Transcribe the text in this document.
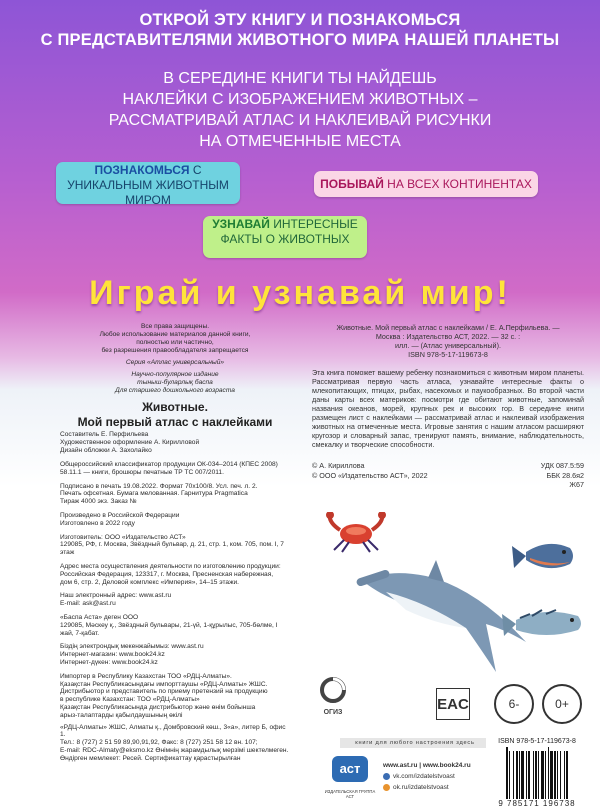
ОТКРОЙ ЭТУ КНИГУ И ПОЗНАКОМЬСЯ
С ПРЕДСТАВИТЕЛЯМИ ЖИВОТНОГО МИРА НАШЕЙ ПЛАНЕТЫ
В СЕРЕДИНЕ КНИГИ ТЫ НАЙДЕШЬ
НАКЛЕЙКИ С ИЗОБРАЖЕНИЕМ ЖИВОТНЫХ –
РАССМАТРИВАЙ АТЛАС И НАКЛЕИВАЙ РИСУНКИ
НА ОТМЕЧЕННЫЕ МЕСТА
ПОЗНАКОМЬСЯ С УНИКАЛЬНЫМ ЖИВОТНЫМ МИРОМ
ПОБЫВАЙ НА ВСЕХ КОНТИНЕНТАХ
УЗНАВАЙ ИНТЕРЕСНЫЕ ФАКТЫ О ЖИВОТНЫХ
Играй и узнавай мир!
Все права защищены.
Любое использование материалов данной книги,
полностью или частично,
без разрешения правообладателя запрещается
Серия «Атлас универсальный»
Научно-популярное издание
тыныш-буларлық баспа
Для старшего дошкольного возраста
Животные.
Мой первый атлас с наклейками
Составитель Е. Перфильева
Художественное оформление А. Кирилловой
Дизайн обложки А. Захолайко
Общероссийский классификатор продукции ОК-034–2014 (КПЕС 2008)
58.11.1 — книги, брошюры печатные ТР ТС 007/2011.
Подписано в печать 19.08.2022. Формат 70x100/8. Усл. печ. л. 2.
Печать офсетная. Бумага мелованная. Гарнитура Pragmatica
Тираж 4000 экз. Заказ №
Произведено в Российской Федерации
Изготовлено в 2022 году
Изготовитель: ООО «Издательство АСТ»
129085, РФ, г. Москва, Звёздный бульвар, д. 21, стр. 1, ком. 705, пом. I, 7 этаж
Адрес места осуществления деятельности по изготовлению продукции:
Российская Федерация, 123317, г. Москва, Пресненская набережная,
дом 6, стр. 2, Деловой комплекс «Империя», 14–15 этажи.
Наш электронный адрес: www.ast.ru
E-mail: ask@ast.ru
«Баспа Аста» деген ООО
129085, Мәскеу қ., Звёздный бульвары, 21-үй, 1-құрылыс, 705-бөлме, I жай, 7-қабат.
Біздің электрондық мекенжайымыз: www.ast.ru
Интернет-магазин: www.book24.kz
Интернет-дүкен: www.book24.kz
Импортер в Республику Казахстан ТОО «РДЦ-Алматы».
Қазақстан Республикасындағы импорттаушы «РДЦ-Алматы» ЖШС.
Дистрибьютор и представитель по приему претензий на продукцию
в республике Казахстан: ТОО «РДЦ-Алматы»
Қазақстан Республикасында дистрибьютор және өнім бойынша
арыз-талаптарды қабылдаушының өкілі
«РДЦ-Алматы» ЖШС, Алматы қ., Домбровский көш., 3«а», литер Б, офис 1.
Тел.: 8 (727) 2 51 59 89,90,91,92, Факс: 8 (727) 251 58 12 вн. 107;
E-mail: RDC-Almaty@eksmo.kz Өнімнің жарамдылық мерзімі шектелмеген.
Өндірген мемлекет: Ресей. Сертификаттау қарастырылған
Животные. Мой первый атлас с наклейками / Е. А.Перфильева. —
Москва : Издательство АСТ, 2022. — 32 с. :
илл. — (Атлас универсальный).
ISBN 978-5-17-119673-8
Эта книга поможет вашему ребенку познакомиться с животным миром планеты. Рассматривая первую часть атласа, узнавайте интересные факты о млекопитающих, птицах, рыбах, насекомых и паукообразных. Во второй части даны карты всех материков: посмотри где обитают животные, запоминай названия океанов, морей, крупных рек и высоких гор. В середине книги размещен лист с наклейками — рассматривай атлас и наклеивай изображения животных на отмеченные места. Игровые занятия с нашим атласом расширяют кругозор и словарный запас, тренируют память, внимание, наблюдательность, смекалку и творческие способности.
© А. Кириллова	УДК 087.5:59
© ООО «Издательство АСТ», 2022	ББК 28.6я2
Ж67
ОГИЗ	EAC	6-	0+
книги для любого настроения здесь
аст
ИЗДАТЕЛЬСКАЯ ГРУППА АСТ
www.ast.ru | www.book24.ru
vk.com/izdatelstvoast
ok.ru/izdatelstvoast
ISBN 978-5-17-119673-8
9 785171 196738
